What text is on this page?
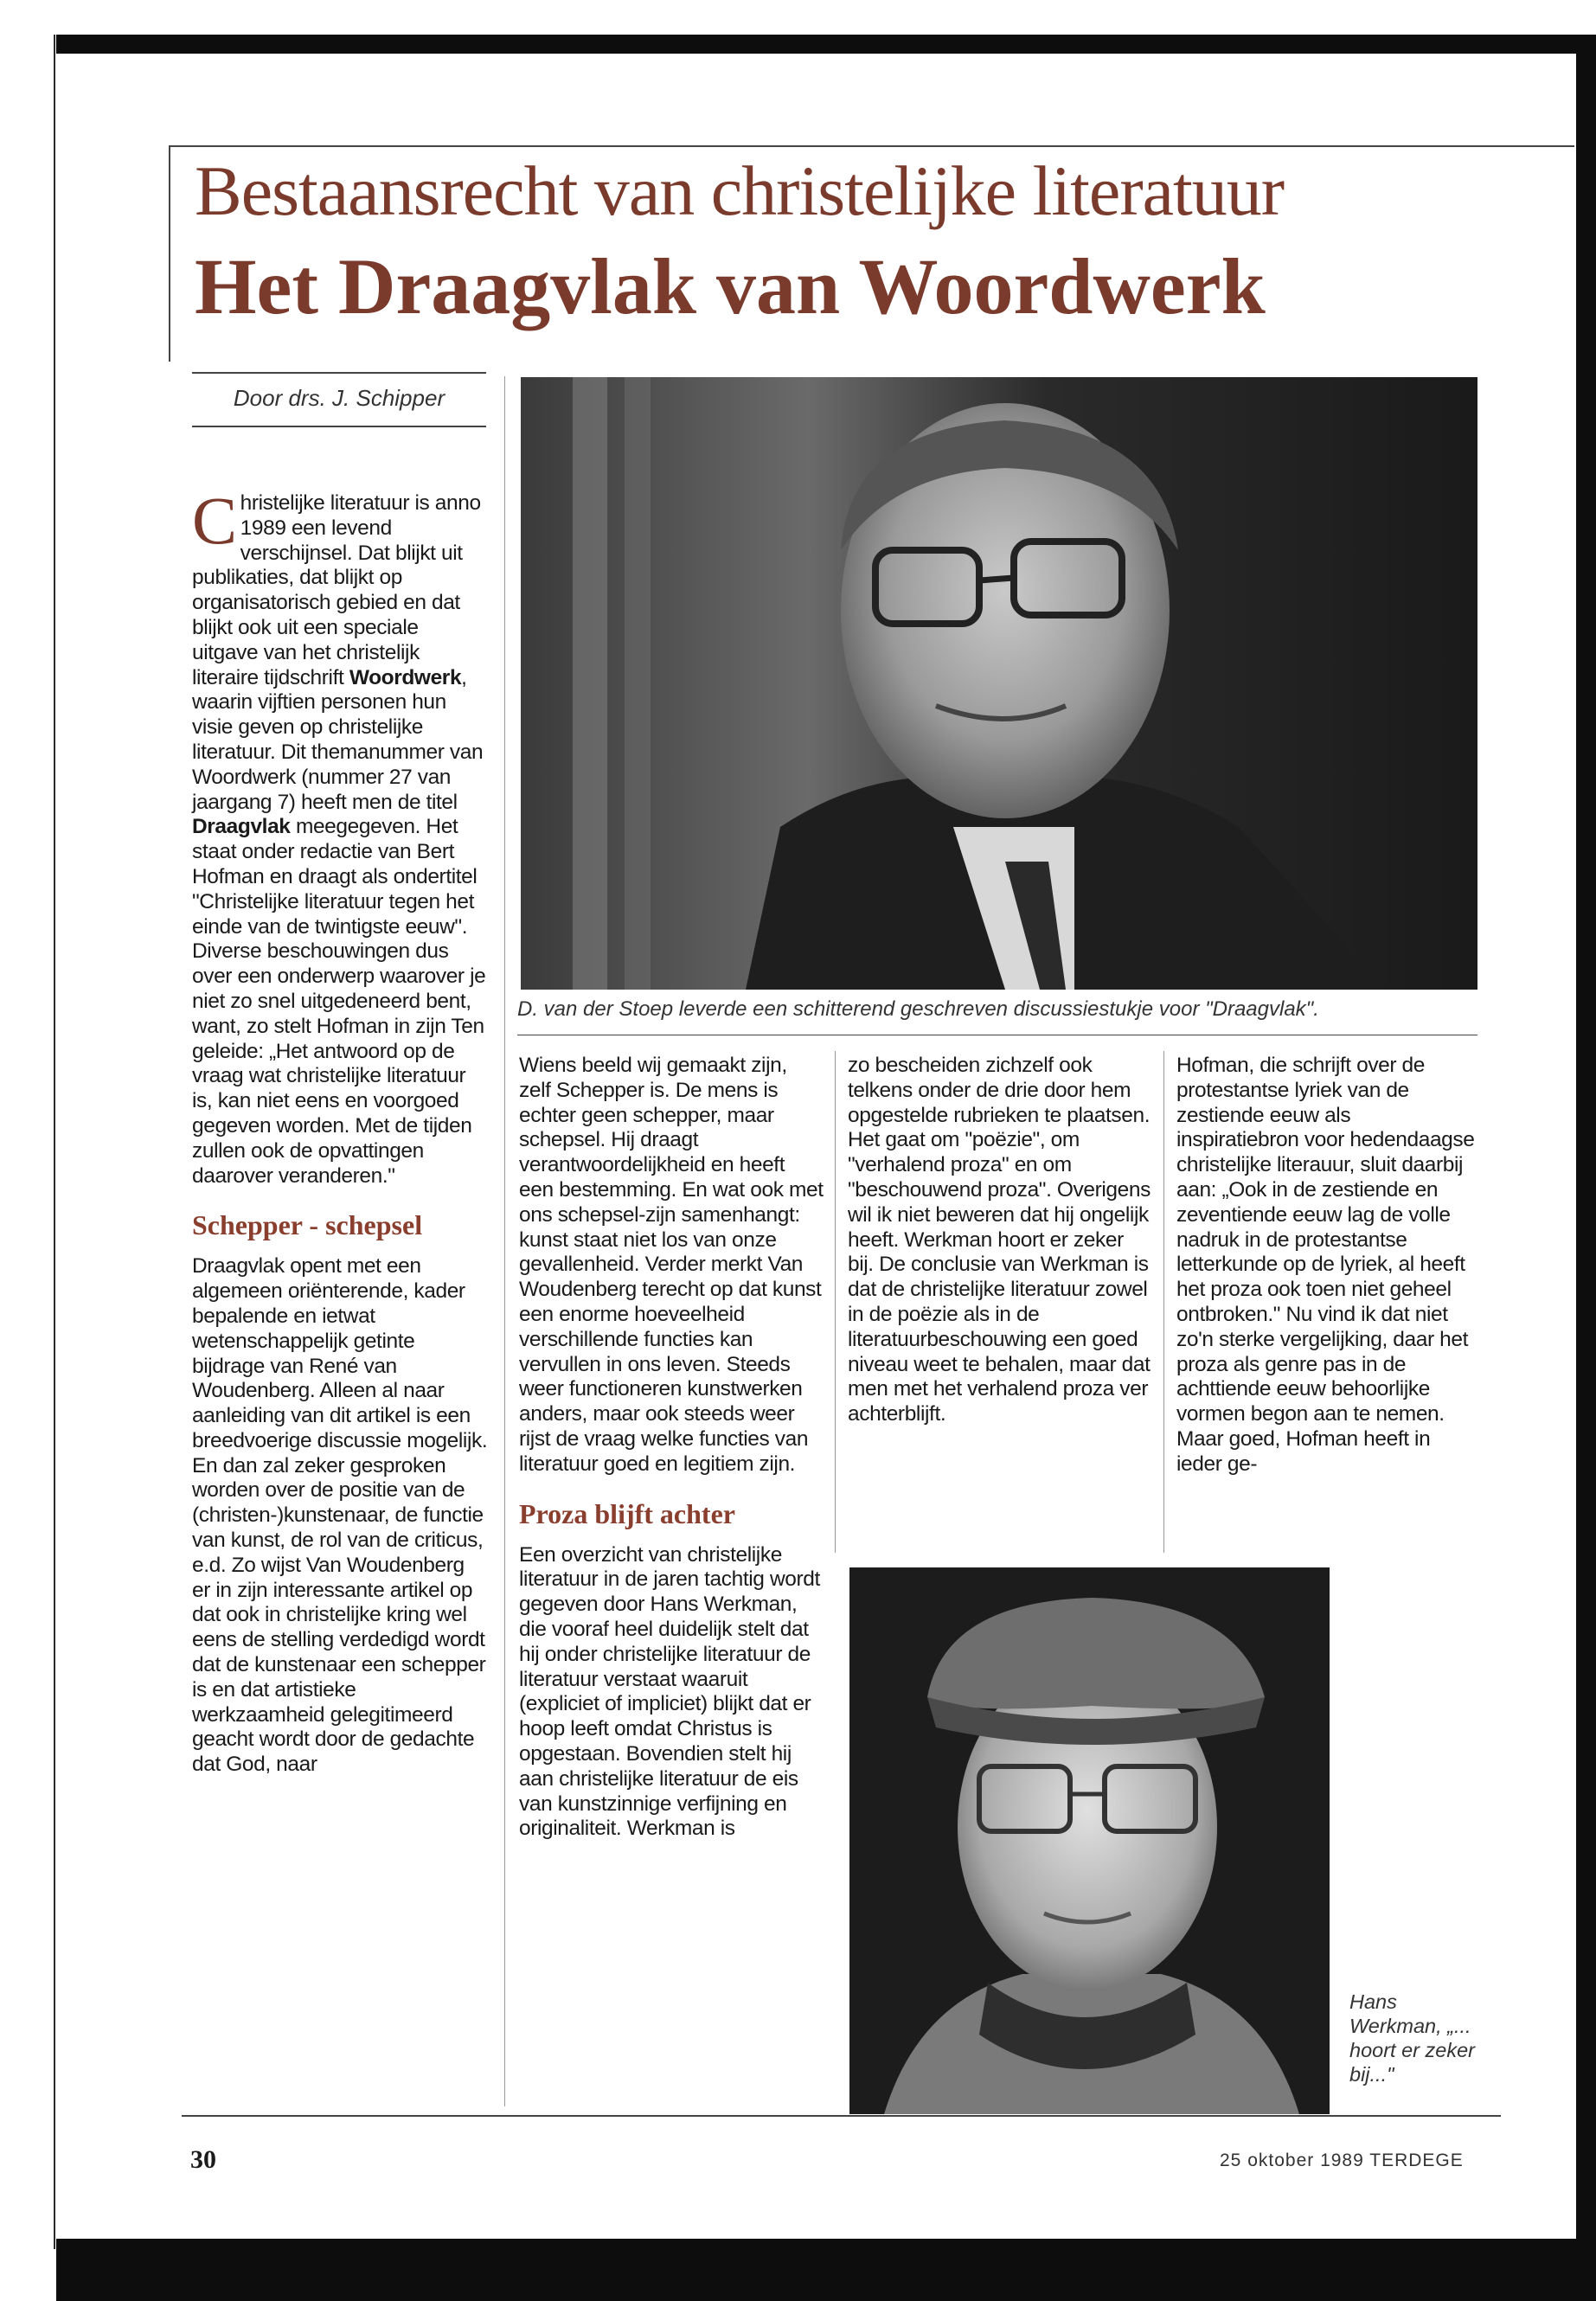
Bestaansrecht van christelijke literatuur
Het Draagvlak van Woordwerk
Door drs. J. Schipper
D. van der Stoep leverde een schitterend geschreven discussiestukje voor "Draagvlak".

Christelijke literatuur is anno 1989 een levend verschijnsel. Dat blijkt uit publikaties, dat blijkt op organisatorisch gebied en dat blijkt ook uit een speciale uitgave van het christelijk literaire tijdschrift Woordwerk, waarin vijftien personen hun visie geven op christelijke literatuur. Dit themanummer van Woordwerk (nummer 27 van jaargang 7) heeft men de titel Draagvlak meegegeven. Het staat onder redactie van Bert Hofman en draagt als ondertitel "Christelijke literatuur tegen het einde van de twintigste eeuw". Diverse beschouwingen dus over een onderwerp waarover je niet zo snel uitgedeneerd bent, want, zo stelt Hofman in zijn Ten geleide: „Het antwoord op de vraag wat christelijke literatuur is, kan niet eens en voorgoed gegeven worden. Met de tijden zullen ook de opvattingen daarover veranderen."

Schepper - schepsel

Draagvlak opent met een algemeen oriënterende, kader bepalende en ietwat wetenschappelijk getinte bijdrage van René van Woudenberg. Alleen al naar aanleiding van dit artikel is een breedvoerige discussie mogelijk. En dan zal zeker gesproken worden over de positie van de (christen-)kunstenaar, de functie van kunst, de rol van de criticus, e.d. Zo wijst Van Woudenberg er in zijn interessante artikel op dat ook in christelijke kring wel eens de stelling verdedigd wordt dat de kunstenaar een schepper is en dat artistieke werkzaamheid gelegitimeerd geacht wordt door de gedachte dat God, naar

Wiens beeld wij gemaakt zijn, zelf Schepper is. De mens is echter geen schepper, maar schepsel. Hij draagt verantwoordelijkheid en heeft een bestemming. En wat ook met ons schepsel-zijn samenhangt: kunst staat niet los van onze gevallenheid. Verder merkt Van Woudenberg terecht op dat kunst een enorme hoeveelheid verschillende functies kan vervullen in ons leven. Steeds weer functioneren kunstwerken anders, maar ook steeds weer rijst de vraag welke functies van literatuur goed en legitiem zijn.

Proza blijft achter

Een overzicht van christelijke literatuur in de jaren tachtig wordt gegeven door Hans Werkman, die vooraf heel duidelijk stelt dat hij onder christelijke literatuur de literatuur verstaat waaruit (expliciet of impliciet) blijkt dat er hoop leeft omdat Christus is opgestaan. Bovendien stelt hij aan christelijke literatuur de eis van kunstzinnige verfijning en originaliteit. Werkman is

zo bescheiden zichzelf ook telkens onder de drie door hem opgestelde rubrieken te plaatsen. Het gaat om "poëzie", om "verhalend proza" en om "beschouwend proza". Overigens wil ik niet beweren dat hij ongelijk heeft. Werkman hoort er zeker bij. De conclusie van Werkman is dat de christelijke literatuur zowel in de poëzie als in de literatuurbeschouwing een goed niveau weet te behalen, maar dat men met het verhalend proza ver achterblijft.

Hofman, die schrijft over de protestantse lyriek van de zestiende eeuw als inspiratiebron voor hedendaagse christelijke literauur, sluit daarbij aan: „Ook in de zestiende en zeventiende eeuw lag de volle nadruk in de protestantse letterkunde op de lyriek, al heeft het proza ook toen niet geheel ontbroken." Nu vind ik dat niet zo'n sterke vergelijking, daar het proza als genre pas in de achttiende eeuw behoorlijke vormen begon aan te nemen. Maar goed, Hofman heeft in ieder ge-

Hans Werkman, „... hoort er zeker bij..."
30	25 oktober 1989 TERDEGE
